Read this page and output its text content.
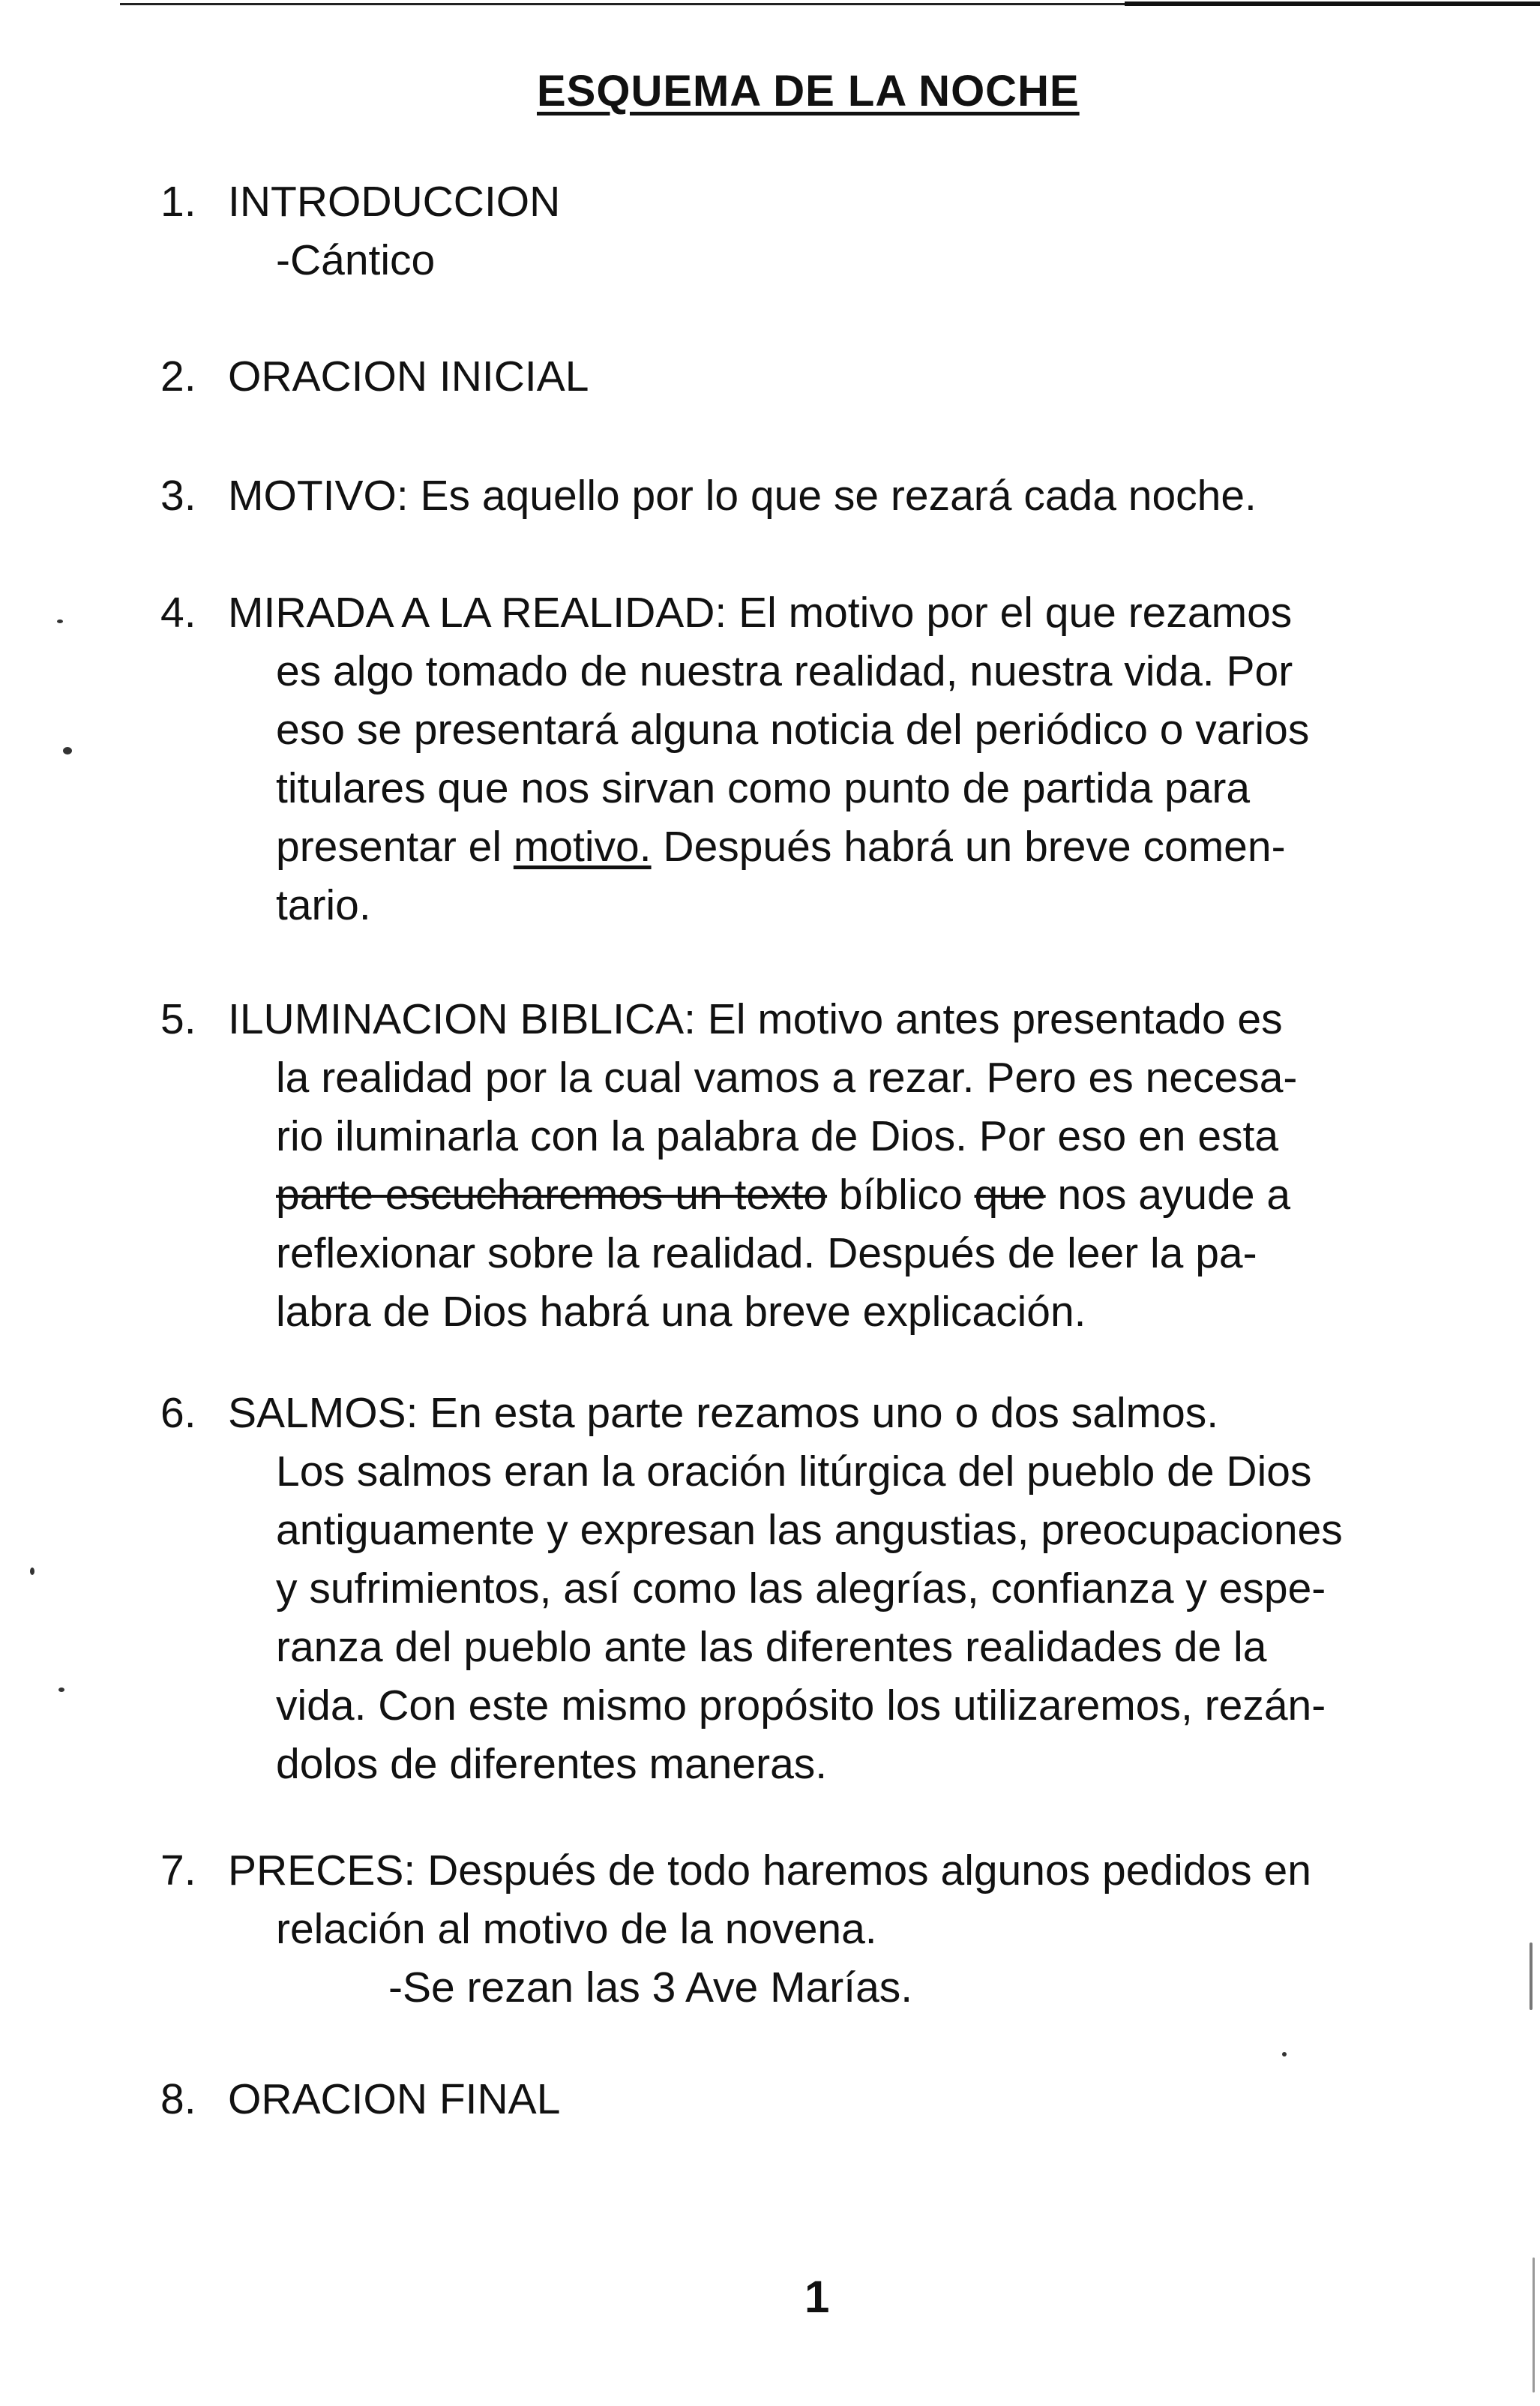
ESQUEMA DE LA NOCHE
1. INTRODUCCION
-Cántico
2. ORACION INICIAL
3. MOTIVO: Es aquello por lo que se rezará cada noche.
4. MIRADA A LA REALIDAD: El motivo por el que rezamos
es algo tomado de nuestra realidad, nuestra vida. Por
eso se presentará alguna noticia del periódico o varios
titulares que nos sirvan como punto de partida para
presentar el motivo. Después habrá un breve comen-
tario.
5. ILUMINACION BIBLICA: El motivo antes presentado es
la realidad por la cual vamos a rezar. Pero es necesa-
rio iluminarla con la palabra de Dios. Por eso en esta
parte escucharemos un texto bíblico que nos ayude a
reflexionar sobre la realidad. Después de leer la pa-
labra de Dios habrá una breve explicación.
6. SALMOS: En esta parte rezamos uno o dos salmos.
Los salmos eran la oración litúrgica del pueblo de Dios
antiguamente y expresan las angustias, preocupaciones
y sufrimientos, así como las alegrías, confianza y espe-
ranza del pueblo ante las diferentes realidades de la
vida. Con este mismo propósito los utilizaremos, rezán-
dolos de diferentes maneras.
7. PRECES: Después de todo haremos algunos pedidos en
relación al motivo de la novena.
-Se rezan las 3 Ave Marías.
8. ORACION FINAL
1
